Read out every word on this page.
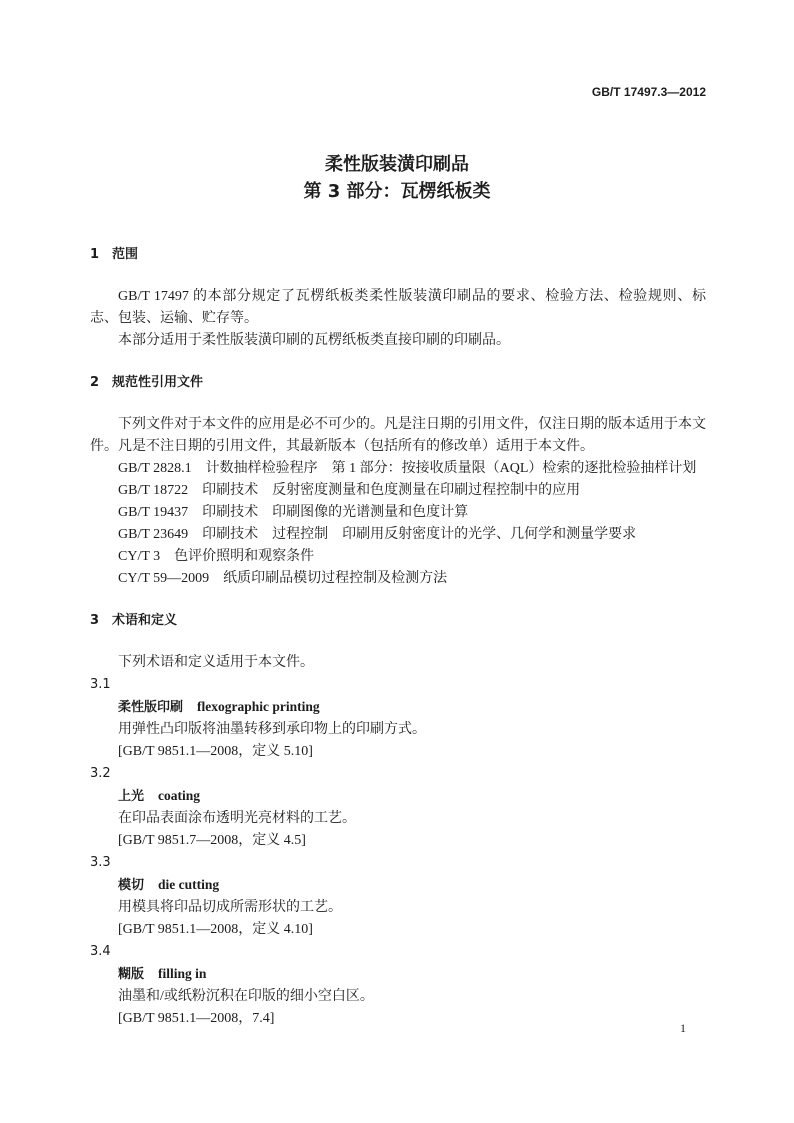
GB/T 17497.3—2012
柔性版装潢印刷品
第 3 部分：瓦楞纸板类
1 范围

GB/T 17497 的本部分规定了瓦楞纸板类柔性版装潢印刷品的要求、检验方法、检验规则、标志、包装、运输、贮存等。

本部分适用于柔性版装潢印刷的瓦楞纸板类直接印刷的印刷品。

2 规范性引用文件

下列文件对于本文件的应用是必不可少的。凡是注日期的引用文件，仅注日期的版本适用于本文件。凡是不注日期的引用文件，其最新版本（包括所有的修改单）适用于本文件。

GB/T 2828.1 计数抽样检验程序　第 1 部分：按接收质量限（AQL）检索的逐批检验抽样计划
GB/T 18722 印刷技术　反射密度测量和色度测量在印刷过程控制中的应用
GB/T 19437 印刷技术　印刷图像的光谱测量和色度计算
GB/T 23649 印刷技术　过程控制　印刷用反射密度计的光学、几何学和测量学要求
CY/T 3 色评价照明和观察条件
CY/T 59—2009 纸质印刷品模切过程控制及检测方法
3 术语和定义

下列术语和定义适用于本文件。

3.1
柔性版印刷 flexographic printing
用弹性凸印版将油墨转移到承印物上的印刷方式。
[GB/T 9851.1—2008，定义 5.10]
3.2
上光 coating
在印品表面涂布透明光亮材料的工艺。
[GB/T 9851.7—2008，定义 4.5]
3.3
模切 die cutting
用模具将印品切成所需形状的工艺。
[GB/T 9851.1—2008，定义 4.10]
3.4
糊版 filling in
油墨和/或纸粉沉积在印版的细小空白区。
[GB/T 9851.1—2008，7.4]
1
